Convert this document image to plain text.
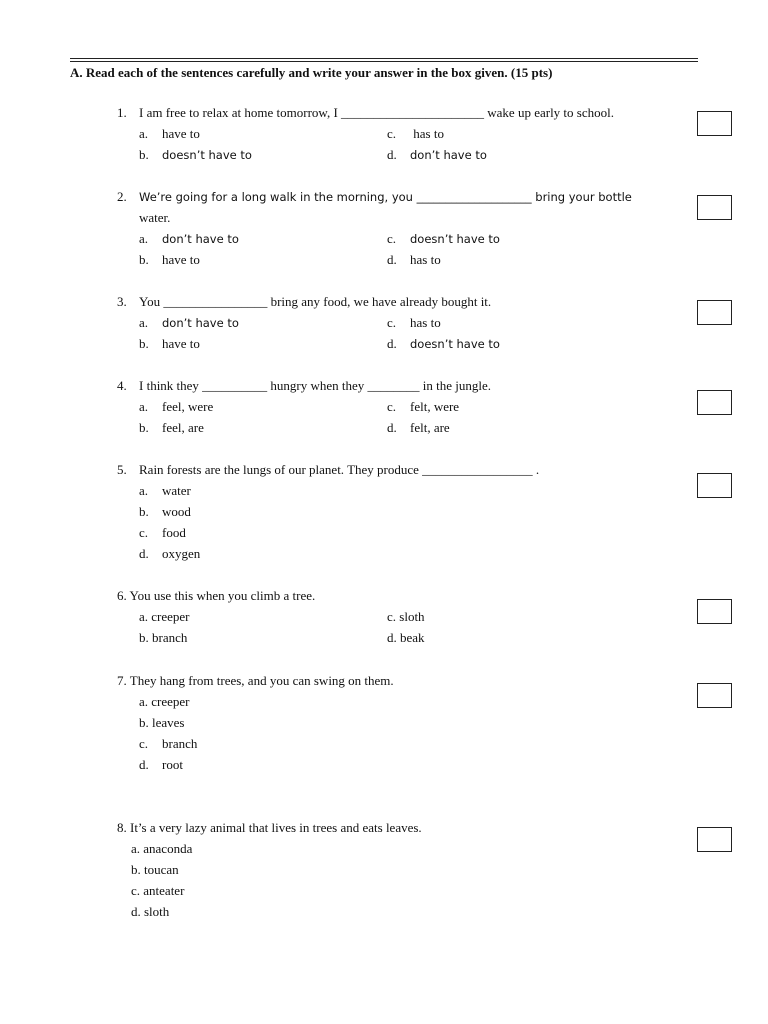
A. Read each of the sentences carefully and write your answer in the box given. (15 pts)
1. I am free to relax at home tomorrow, I ______________________ wake up early to school.
a. have to	c. has to
b. doesn’t have to	d. don’t have to
2. We’re going for a long walk in the morning, you ____________________ bring your bottle
water.
a. don’t have to	c. doesn’t have to
b. have to	d. has to
3. You ________________ bring any food, we have already bought it.
a. don’t have to	c. has to
b. have to	d. doesn’t have to
4. I think they __________ hungry when they ________ in the jungle.
a. feel, were	c. felt, were
b. feel, are	d. felt, are
5. Rain forests are the lungs of our planet. They produce _________________ .
a. water
b. wood
c. food
d. oxygen
6. You use this when you climb a tree.
a. creeper	c. sloth
b. branch	d. beak
7. They hang from trees, and you can swing on them.
a. creeper
b. leaves
c. branch
d. root
8. It’s a very lazy animal that lives in trees and eats leaves.
a. anaconda
b. toucan
c. anteater
d. sloth
